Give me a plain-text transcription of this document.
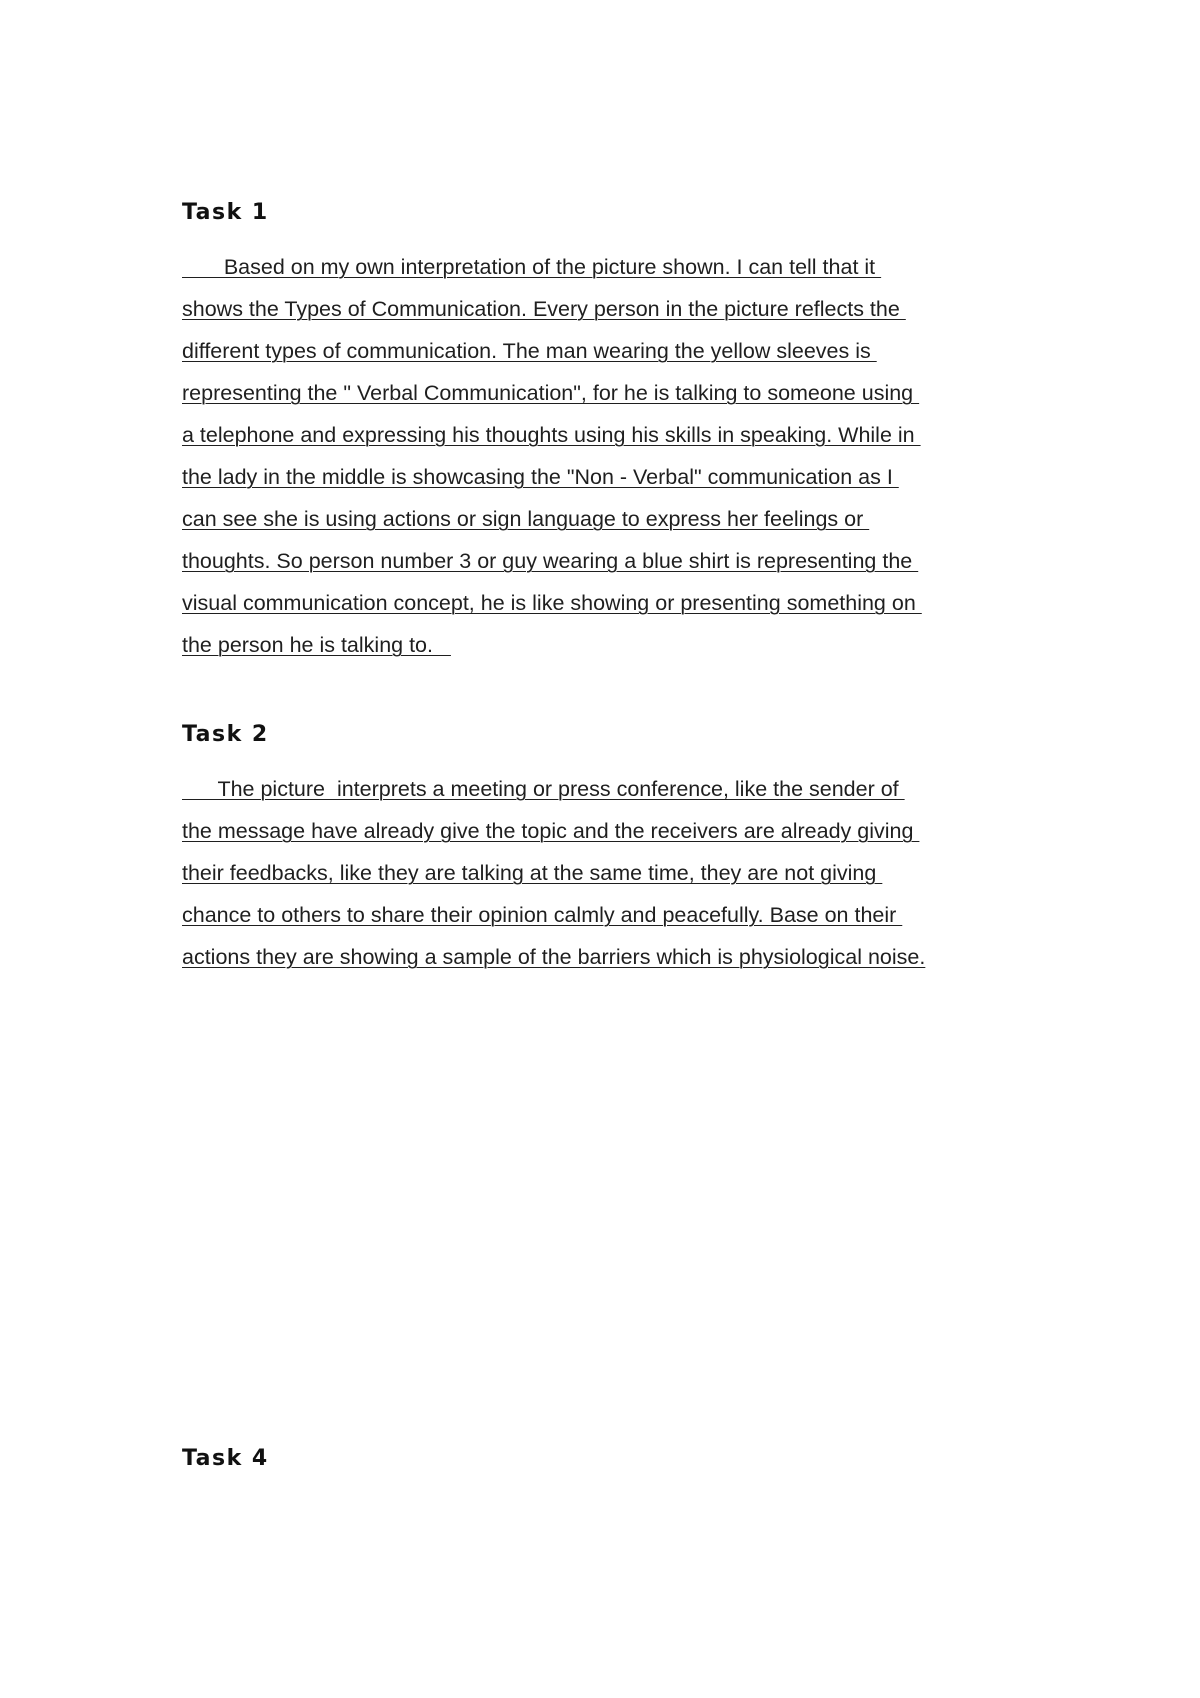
Task 1
Based on my own interpretation of the picture shown. I can tell that it
shows the Types of Communication. Every person in the picture reflects the
different types of communication. The man wearing the yellow sleeves is
representing the " Verbal Communication", for he is talking to someone using
a telephone and expressing his thoughts using his skills in speaking. While in
the lady in the middle is showcasing the "Non - Verbal" communication as I
can see she is using actions or sign language to express her feelings or
thoughts. So person number 3 or guy wearing a blue shirt is representing the
visual communication concept, he is like showing or presenting something on
the person he is talking to.
Task 2
The picture  interprets a meeting or press conference, like the sender of
the message have already give the topic and the receivers are already giving
their feedbacks, like they are talking at the same time, they are not giving
chance to others to share their opinion calmly and peacefully. Base on their
actions they are showing a sample of the barriers which is physiological noise.
Task 4
